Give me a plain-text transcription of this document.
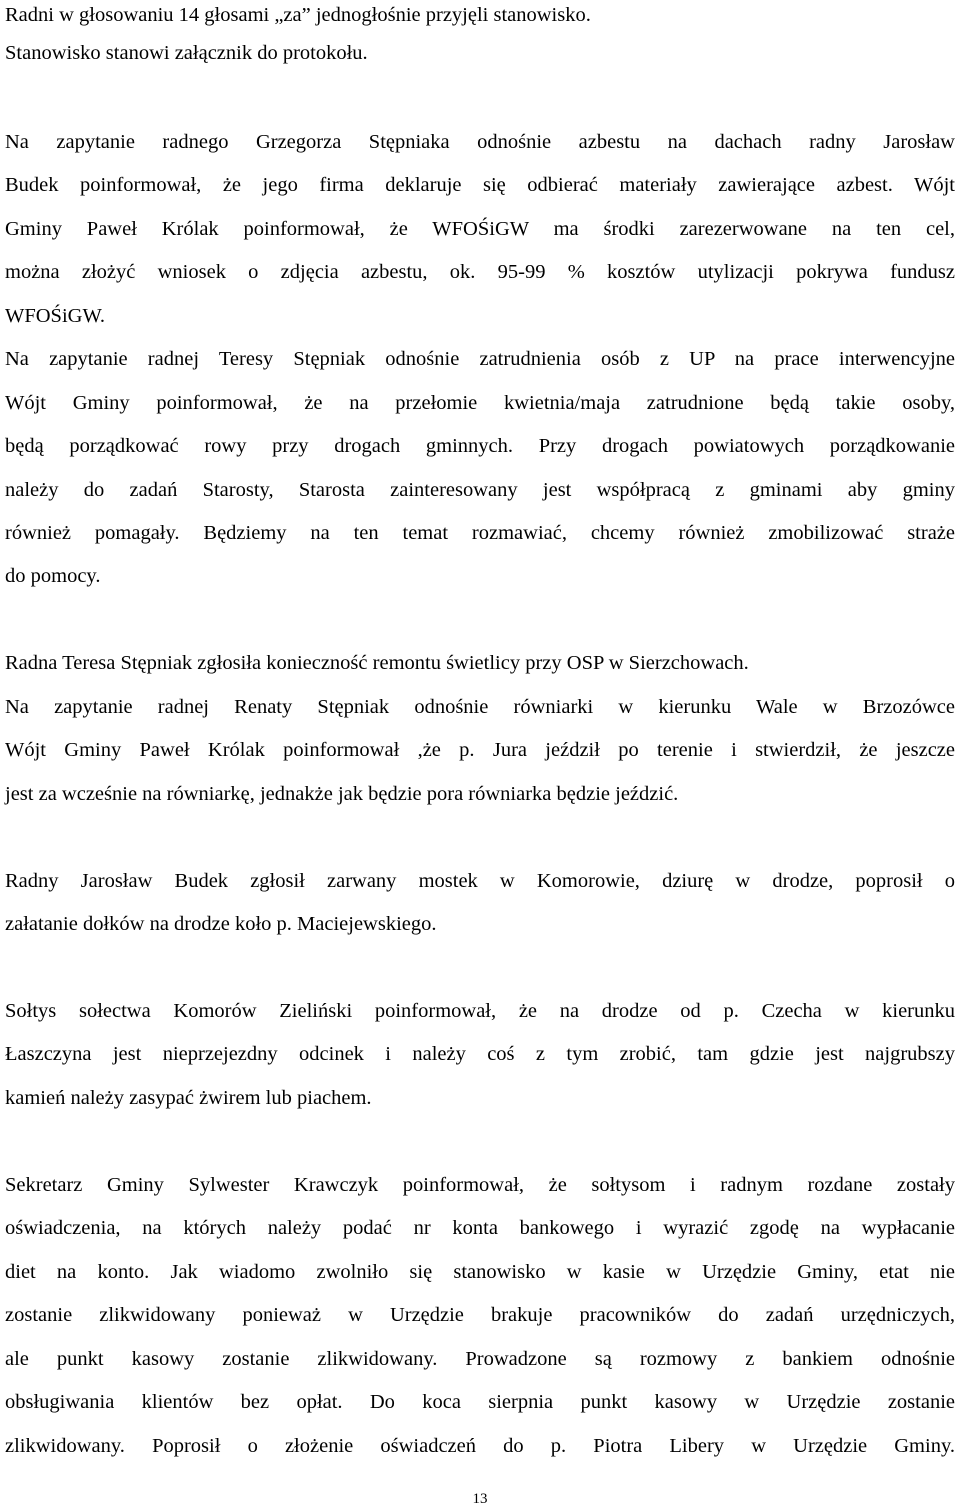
Radni w głosowaniu 14 głosami „za” jednogłośnie przyjęli stanowisko.
Stanowisko stanowi załącznik do protokołu.
Na zapytanie radnego Grzegorza Stępniaka odnośnie azbestu na dachach radny Jarosław
Budek poinformował, że jego firma deklaruje się odbierać materiały zawierające azbest. Wójt
Gminy Paweł Królak poinformował, że WFOŚiGW ma środki zarezerwowane na ten cel,
można złożyć wniosek o zdjęcia azbestu, ok. 95-99 % kosztów utylizacji pokrywa fundusz
WFOŚiGW.
Na zapytanie radnej Teresy Stępniak odnośnie zatrudnienia osób z UP na prace interwencyjne
Wójt Gminy poinformował, że na przełomie kwietnia/maja zatrudnione będą takie osoby,
będą porządkować rowy przy drogach gminnych. Przy drogach powiatowych porządkowanie
należy do zadań Starosty, Starosta zainteresowany jest współpracą z gminami aby gminy
również pomagały. Będziemy na ten temat rozmawiać, chcemy również zmobilizować straże
do pomocy.
Radna Teresa Stępniak zgłosiła konieczność remontu świetlicy przy OSP w Sierzchowach.
Na zapytanie radnej Renaty Stępniak odnośnie równiarki w kierunku Wale w Brzozówce
Wójt Gminy Paweł Królak poinformował ,że p. Jura jeździł po terenie i stwierdził, że jeszcze
jest za wcześnie na równiarkę, jednakże jak będzie pora równiarka będzie jeździć.
Radny Jarosław Budek zgłosił zarwany mostek w Komorowie, dziurę w drodze, poprosił o
załatanie dołków na drodze koło p. Maciejewskiego.
Sołtys sołectwa Komorów Zieliński poinformował, że na drodze od p. Czecha w kierunku
Łaszczyna jest nieprzejezdny odcinek i należy coś z tym zrobić, tam gdzie jest najgrubszy
kamień należy zasypać żwirem lub piachem.
Sekretarz Gminy Sylwester Krawczyk poinformował, że sołtysom i radnym rozdane zostały
oświadczenia, na których należy podać nr konta bankowego i wyrazić zgodę na wypłacanie
diet na konto. Jak wiadomo zwolniło się stanowisko w kasie w Urzędzie Gminy, etat nie
zostanie zlikwidowany ponieważ w Urzędzie brakuje pracowników do zadań urzędniczych,
ale punkt kasowy zostanie zlikwidowany. Prowadzone są rozmowy z bankiem odnośnie
obsługiwania klientów bez opłat. Do koca sierpnia punkt kasowy w Urzędzie zostanie
zlikwidowany. Poprosił o złożenie oświadczeń do p. Piotra Libery w Urzędzie Gminy.
13
